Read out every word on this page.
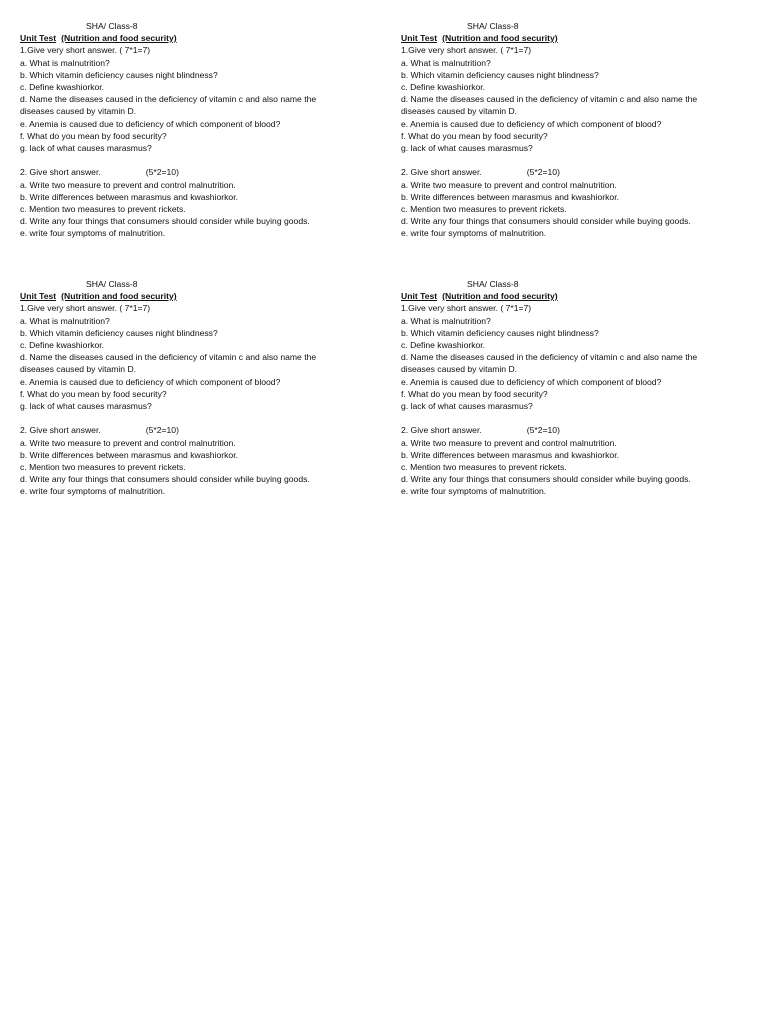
SHA/ Class-8
Unit Test (Nutrition and food security)
1.Give very short answer. ( 7*1=7)
a. What is malnutrition?
b. Which vitamin deficiency causes night blindness?
c. Define kwashiorkor.
d. Name the diseases caused in the deficiency of vitamin c and also name the diseases caused by vitamin D.
e. Anemia is caused due to deficiency of which component of blood?
f. What do you mean by food security?
g. lack of what causes marasmus?
2. Give short answer.	(5*2=10)
a. Write two measure to prevent and control malnutrition.
b. Write differences between marasmus and kwashiorkor.
c. Mention two measures to prevent rickets.
d. Write any four things that consumers should consider while buying goods.
e. write four symptoms of malnutrition.
SHA/ Class-8
Unit Test (Nutrition and food security)
1.Give very short answer. ( 7*1=7)
a. What is malnutrition?
b. Which vitamin deficiency causes night blindness?
c. Define kwashiorkor.
d. Name the diseases caused in the deficiency of vitamin c and also name the diseases caused by vitamin D.
e. Anemia is caused due to deficiency of which component of blood?
f. What do you mean by food security?
g. lack of what causes marasmus?
2. Give short answer.	(5*2=10)
a. Write two measure to prevent and control malnutrition.
b. Write differences between marasmus and kwashiorkor.
c. Mention two measures to prevent rickets.
d. Write any four things that consumers should consider while buying goods.
e. write four symptoms of malnutrition.
SHA/ Class-8
Unit Test (Nutrition and food security)
1.Give very short answer. ( 7*1=7)
a. What is malnutrition?
b. Which vitamin deficiency causes night blindness?
c. Define kwashiorkor.
d. Name the diseases caused in the deficiency of vitamin c and also name the diseases caused by vitamin D.
e. Anemia is caused due to deficiency of which component of blood?
f. What do you mean by food security?
g. lack of what causes marasmus?
2. Give short answer.	(5*2=10)
a. Write two measure to prevent and control malnutrition.
b. Write differences between marasmus and kwashiorkor.
c. Mention two measures to prevent rickets.
d. Write any four things that consumers should consider while buying goods.
e. write four symptoms of malnutrition.
SHA/ Class-8
Unit Test (Nutrition and food security)
1.Give very short answer. ( 7*1=7)
a. What is malnutrition?
b. Which vitamin deficiency causes night blindness?
c. Define kwashiorkor.
d. Name the diseases caused in the deficiency of vitamin c and also name the diseases caused by vitamin D.
e. Anemia is caused due to deficiency of which component of blood?
f. What do you mean by food security?
g. lack of what causes marasmus?
2. Give short answer.	(5*2=10)
a. Write two measure to prevent and control malnutrition.
b. Write differences between marasmus and kwashiorkor.
c. Mention two measures to prevent rickets.
d. Write any four things that consumers should consider while buying goods.
e. write four symptoms of malnutrition.
